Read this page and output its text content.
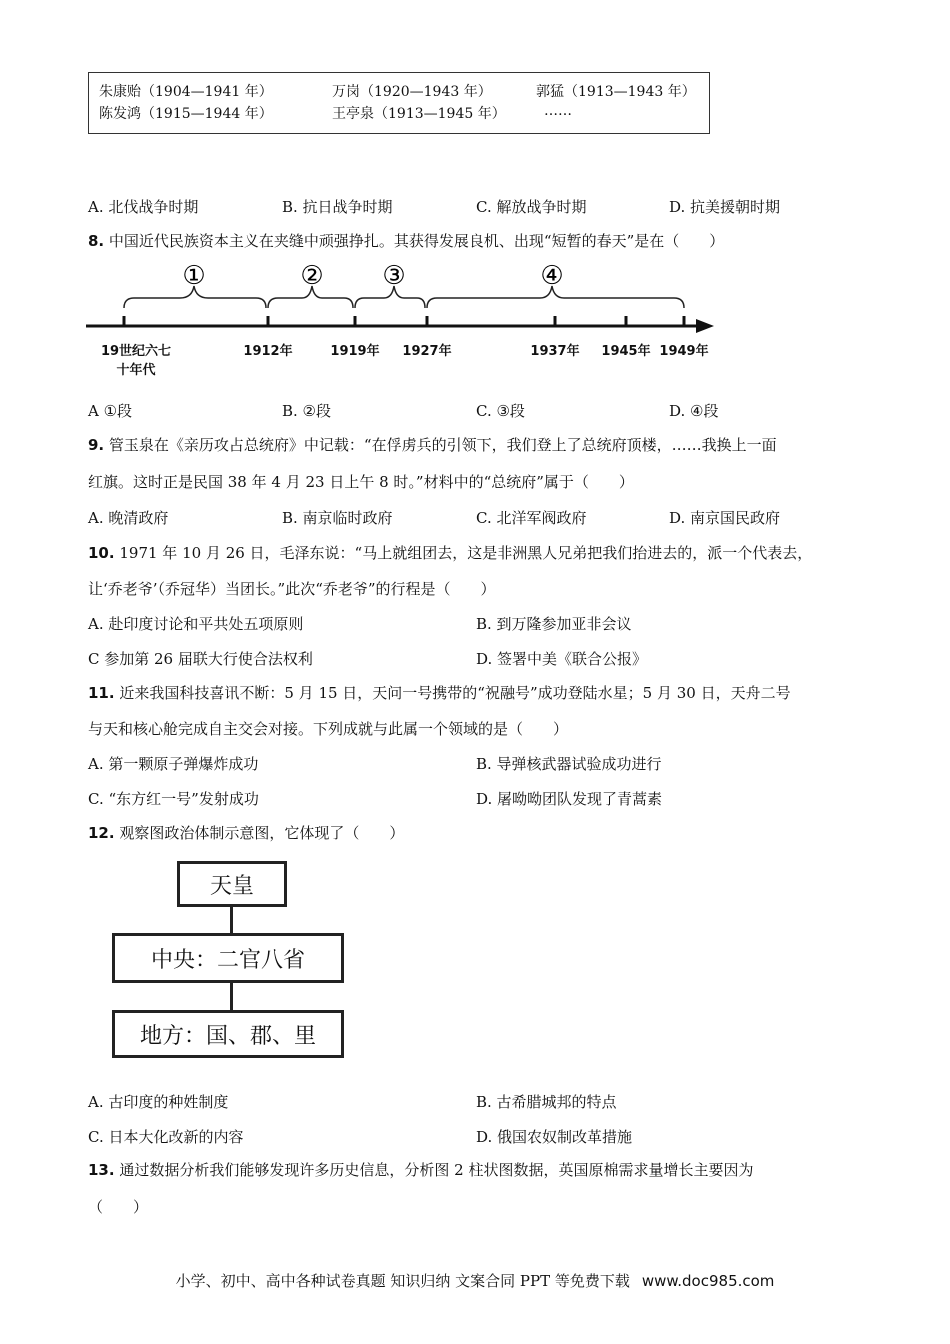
朱康贻（1904—1941 年）	万岗（1920—1943 年）	郭猛（1913—1943 年）
陈发鸿（1915—1944 年）	王亭泉（1913—1945 年）	……
A. 北伐战争时期	B. 抗日战争时期	C. 解放战争时期	D. 抗美援朝时期
8. 中国近代民族资本主义在夹缝中顽强挣扎。其获得发展良机、出现“短暂的春天”是在（　　）
①	② ③	④
19世纪六七
十年代
1912年	1919年	1927年	1937年	1945年 1949年
A ①段	B. ②段	C. ③段	D. ④段
9. 管玉泉在《亲历攻占总统府》中记载：“在俘虏兵的引领下，我们登上了总统府顶楼，……我换上一面
红旗。这时正是民国 38 年 4 月 23 日上午 8 时。”材料中的“总统府”属于（　　）
A. 晚清政府	B. 南京临时政府	C. 北洋军阀政府	D. 南京国民政府
10. 1971 年 10 月 26 日，毛泽东说：“马上就组团去，这是非洲黑人兄弟把我们抬进去的，派一个代表去，
让‘乔老爷’（乔冠华）当团长。”此次“乔老爷”的行程是（　　）
A. 赴印度讨论和平共处五项原则	B. 到万隆参加亚非会议
C 参加第 26 届联大行使合法权利	D. 签署中美《联合公报》
11. 近来我国科技喜讯不断：5 月 15 日，天问一号携带的“祝融号”成功登陆水星；5 月 30 日，天舟二号
与天和核心舱完成自主交会对接。下列成就与此属一个领域的是（　　）
A. 第一颗原子弹爆炸成功	B. 导弹核武器试验成功进行
C. “东方红一号”发射成功	D. 屠呦呦团队发现了青蒿素
12. 观察图政治体制示意图，它体现了（　　）
天皇
中央：二官八省
地方：国、郡、里
A. 古印度的种姓制度	B. 古希腊城邦的特点
C. 日本大化改新的内容	D. 俄国农奴制改革措施
13. 通过数据分析我们能够发现许多历史信息，分析图 2 柱状图数据，英国原棉需求量增长主要因为
（　　）
小学、初中、高中各种试卷真题 知识归纳 文案合同 PPT 等免费下载 www.doc985.com
